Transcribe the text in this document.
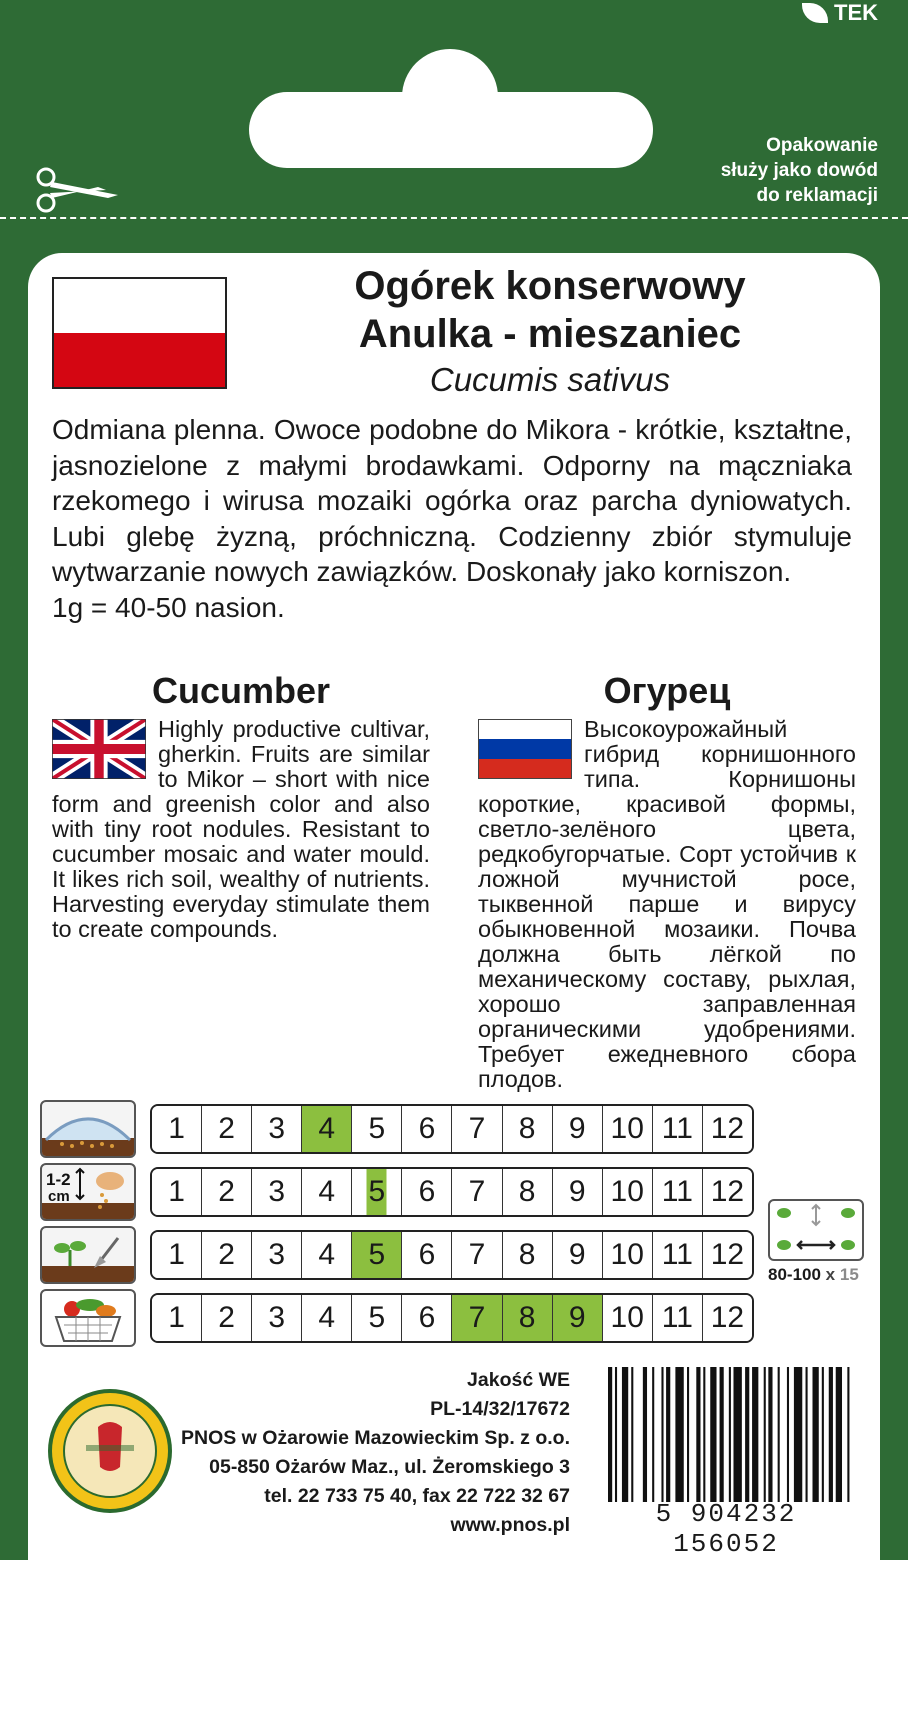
TEK
Opakowanie
służy jako dowód
do reklamacji
Ogórek konserwowy
Anulka - mieszaniec
Cucumis sativus

Odmiana plenna. Owoce podobne do Mikora - krótkie, kształtne, jasnozielone z małymi brodawkami. Odporny na mączniaka rzekomego i wirusa mozaiki ogórka oraz parcha dyniowatych. Lubi glebę żyzną, próchniczną. Codzienny zbiór stymuluje wytwarzanie nowych zawiązków. Doskonały jako korniszon.

1g = 40-50 nasion.

Cucumber	Огурец
Highly productive cultivar, gherkin. Fruits are similar to Mikor – short with nice form and greenish color and also with tiny root nodules. Resistant to cucumber mosaic and water mould. It likes rich soil, wealthy of nutrients. Harvesting everyday stimulate them to create compounds.
Высокоурожайный гибрид корнишонного типа. Корнишоны короткие, красивой формы, светло-зелёного цвета, редкобугорчатые. Сорт устойчив к ложной мучнистой росе, тыквенной парше и вирусу обыкновенной мозаики. Почва должна быть лёгкой по механическому составу, рыхлая, хорошо заправленная органическими удобрениями. Требует ежедневного сбора плодов.
1-2
cm
1	2	3	4	5	6	7	8	9 10 11 12
1	2	3	4	5	6	7	8	9 10 11 12
1	2	3	4	5	6	7	8	9 10 11 12
1	2	3	4	5	6	7	8	9 10 11 12
80-100 x 15
Jakość WE
PL-14/32/17672
PNOS w Ożarowie Mazowieckim Sp. z o.o.
05-850 Ożarów Maz., ul. Żeromskiego 3
tel. 22 733 75 40, fax 22 722 32 67
www.pnos.pl	5 904232 156052
